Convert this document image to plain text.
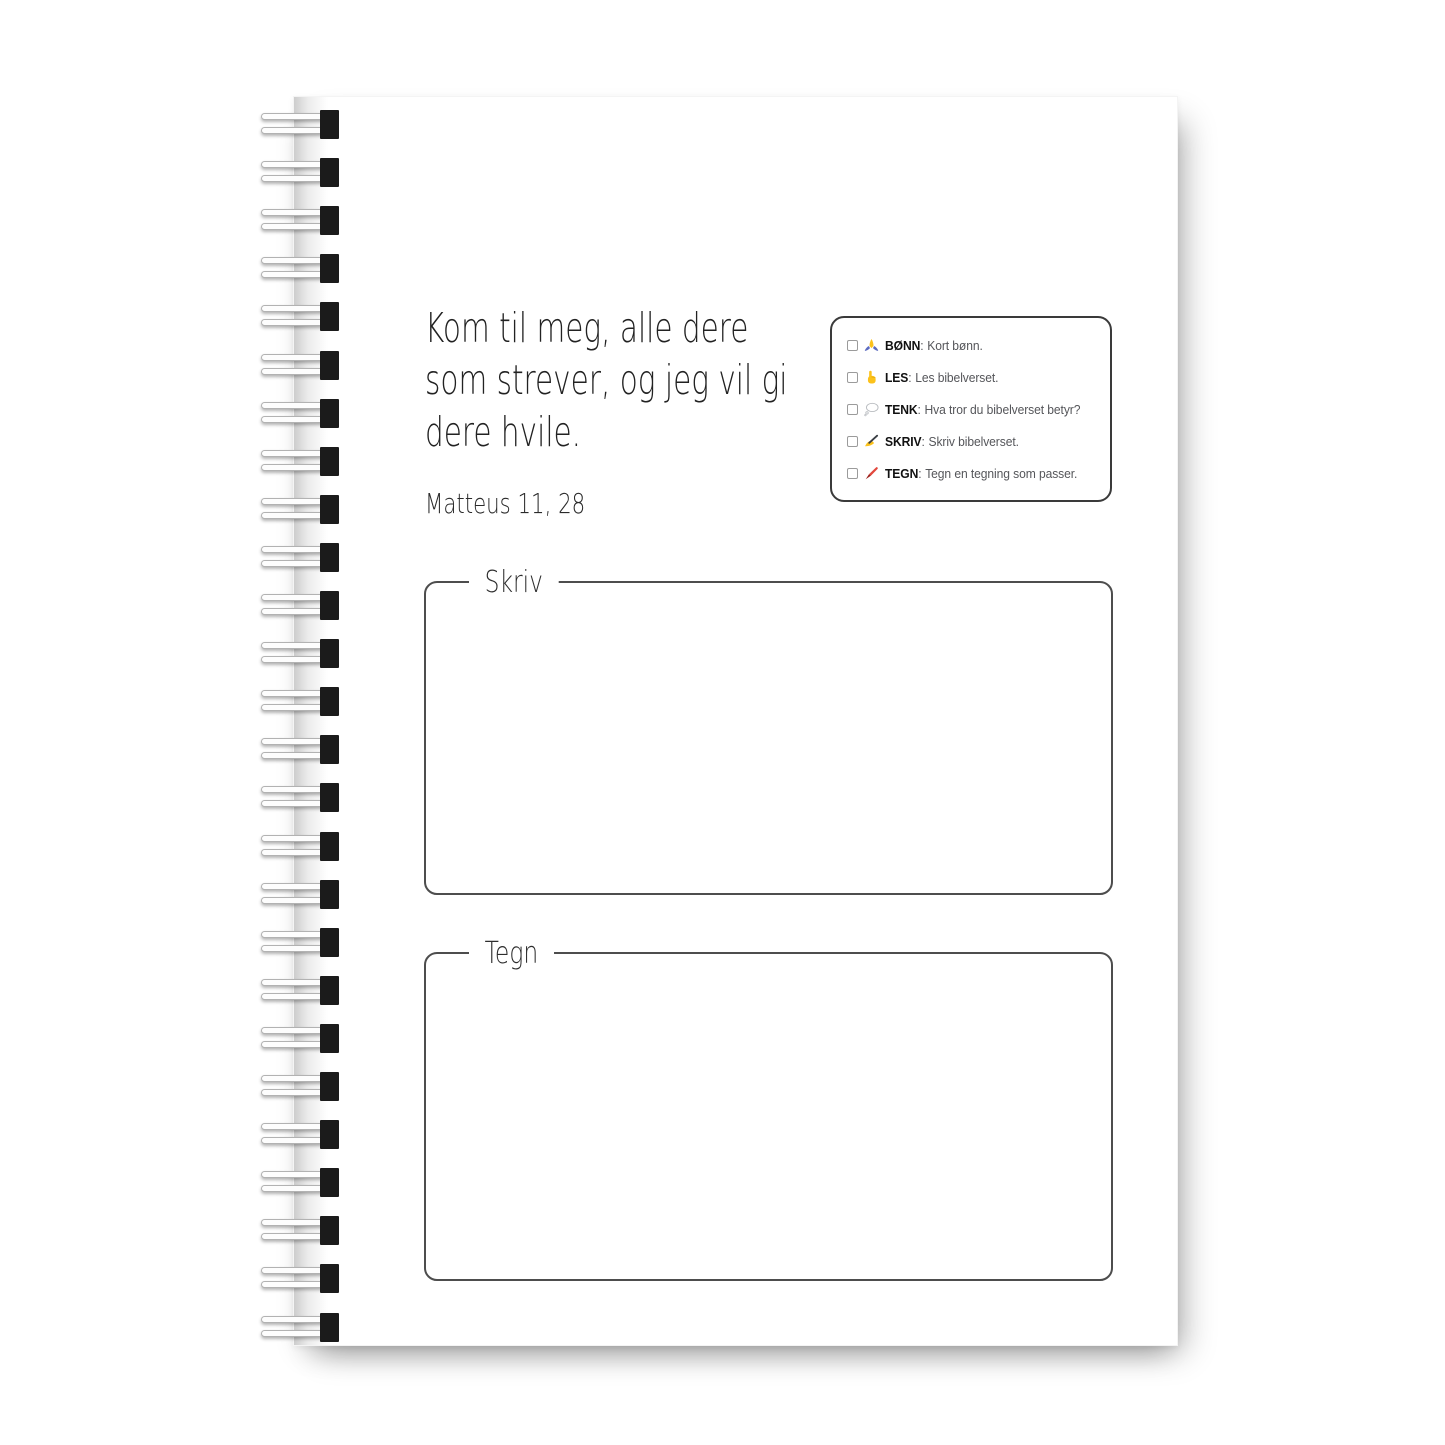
Kom til meg, alle dere
som strever, og jeg vil gi
dere hvile.
Matteus 11, 28
BØNN: Kort bønn.
LES: Les bibelverset.
TENK: Hva tror du bibelverset betyr?
SKRIV: Skriv bibelverset.
TEGN: Tegn en tegning som passer.
Skriv
Tegn
